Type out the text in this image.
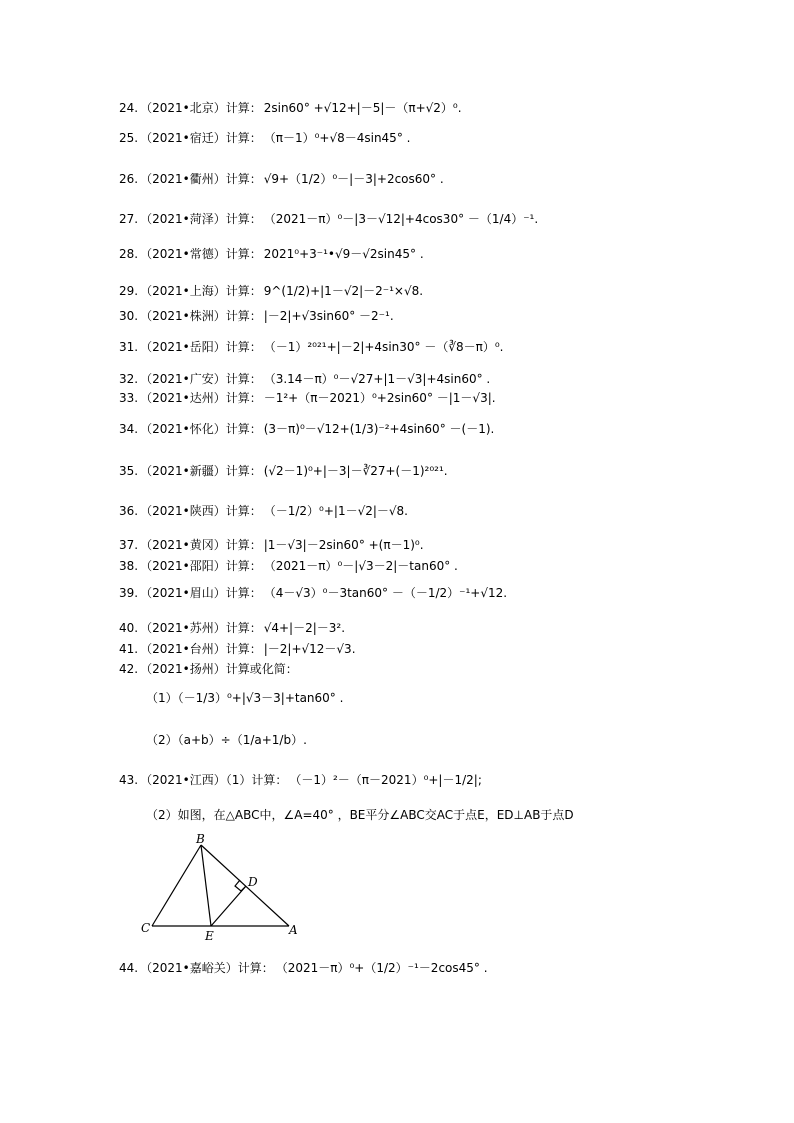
24. （2021•北京）计算： 2sin60° +√12+|－5|－（π+√2）⁰.
25. （2021•宿迁）计算： （π－1）⁰+√8－4sin45° .
26. （2021•衢州）计算： √9+（1/2）⁰－|－3|+2cos60° .
27. （2021•菏泽）计算： （2021－π）⁰－|3－√12|+4cos30° －（1/4）⁻¹.
28. （2021•常德）计算： 2021⁰+3⁻¹•√9－√2sin45° .
29. （2021•上海）计算： 9^(1/2)+|1－√2|－2⁻¹×√8.
30. （2021•株洲）计算： |－2|+√3sin60° －2⁻¹.
31. （2021•岳阳）计算： （－1）²⁰²¹+|－2|+4sin30° －（∛8－π）⁰.
32. （2021•广安）计算： （3.14－π）⁰－√27+|1－√3|+4sin60° .
33. （2021•达州）计算： －1²+（π－2021）⁰+2sin60° －|1－√3|.
34. （2021•怀化）计算： (3－π)⁰－√12+(1/3)⁻²+4sin60° －(－1).
35. （2021•新疆）计算： (√2－1)⁰+|－3|－∛27+(－1)²⁰²¹.
36. （2021•陕西）计算： （－1/2）⁰+|1－√2|－√8.
37. （2021•黄冈）计算： |1－√3|－2sin60° +(π－1)⁰.
38. （2021•邵阳）计算： （2021－π）⁰－|√3－2|－tan60° .
39. （2021•眉山）计算： （4－√3）⁰－3tan60° －（－1/2）⁻¹+√12.
40. （2021•苏州）计算： √4+|－2|－3².
41. （2021•台州）计算： |－2|+√12－√3.
42. （2021•扬州）计算或化简：
（1）（－1/3）⁰+|√3－3|+tan60° .
（2）（a+b）÷（1/a+1/b）.
43. （2021•江西）（1）计算： （－1）²－（π－2021）⁰+|－1/2|;
（2）如图，在△ABC中，∠A=40° ，BE平分∠ABC交AC于点E，ED⊥AB于点D
B
C
E	A
D
44. （2021•嘉峪关）计算： （2021－π）⁰+（1/2）⁻¹－2cos45° .
